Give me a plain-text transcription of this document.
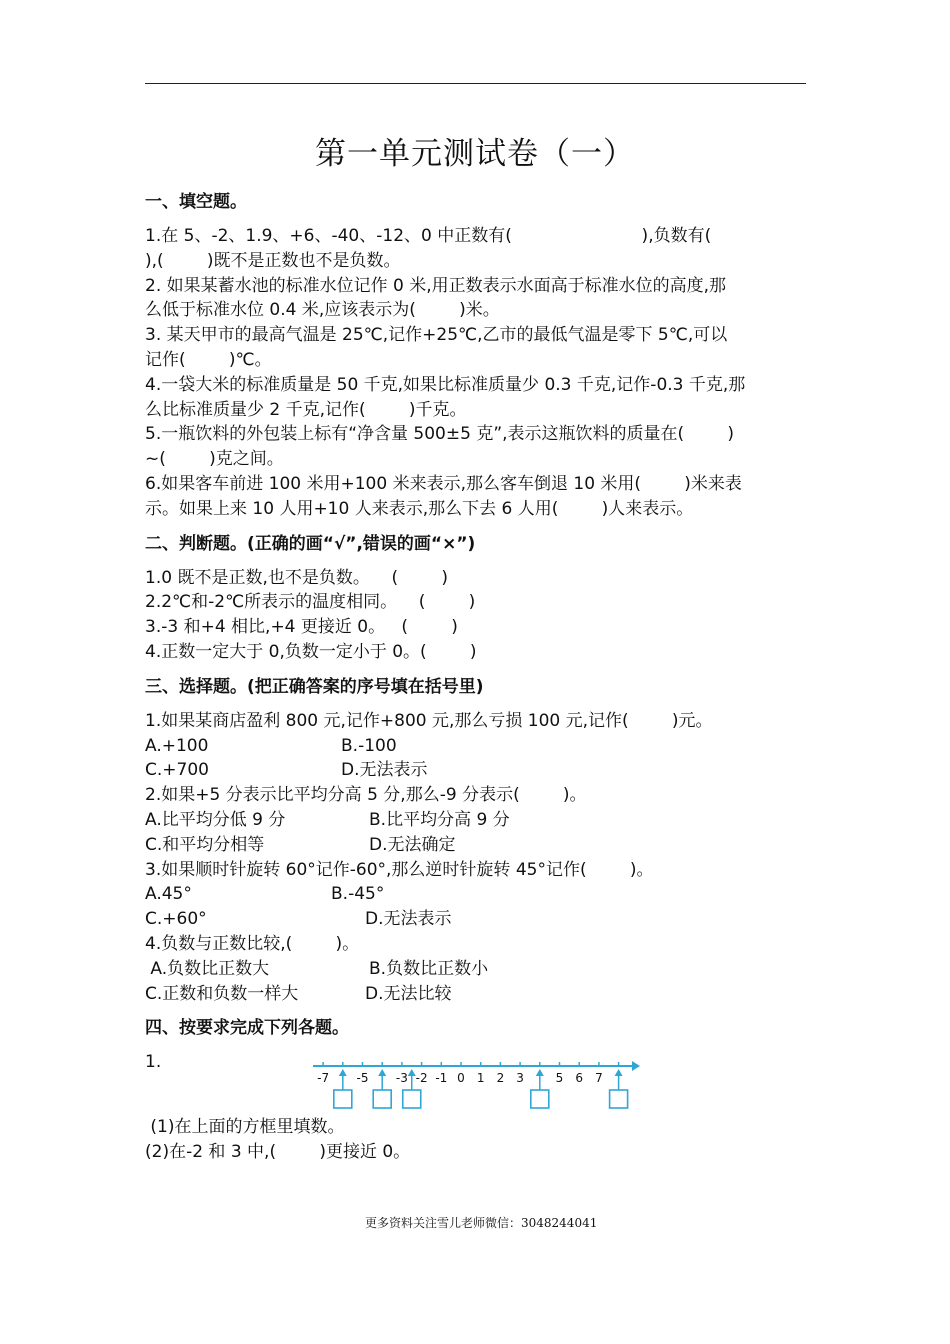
第一单元测试卷（一）
一、填空题。
1.在 5、-2、1.9、+6、-40、-12、0 中正数有(                        ),负数有(
),(        )既不是正数也不是负数。
2. 如果某蓄水池的标准水位记作 0 米,用正数表示水面高于标准水位的高度,那
么低于标准水位 0.4 米,应该表示为(        )米。
3. 某天甲市的最高气温是 25℃,记作+25℃,乙市的最低气温是零下 5℃,可以
记作(        )℃。
4.一袋大米的标准质量是 50 千克,如果比标准质量少 0.3 千克,记作-0.3 千克,那
么比标准质量少 2 千克,记作(        )千克。
5.一瓶饮料的外包装上标有“净含量 500±5 克”,表示这瓶饮料的质量在(        )
~(        )克之间。
6.如果客车前进 100 米用+100 米来表示,那么客车倒退 10 米用(        )米来表
示。如果上来 10 人用+10 人来表示,那么下去 6 人用(        )人来表示。
二、判断题。(正确的画“√”,错误的画“×”)
1.0 既不是正数,也不是负数。    (        )
2.2℃和-2℃所表示的温度相同。    (        )
3.-3 和+4 相比,+4 更接近 0。   (        )
4.正数一定大于 0,负数一定小于 0。(        )
三、选择题。(把正确答案的序号填在括号里)
1.如果某商店盈利 800 元,记作+800 元,那么亏损 100 元,记作(        )元。
A.+100	B.-100
C.+700	D.无法表示
2.如果+5 分表示比平均分高 5 分,那么-9 分表示(        )。
A.比平均分低 9 分	B.比平均分高 9 分
C.和平均分相等	D.无法确定
3.如果顺时针旋转 60°记作-60°,那么逆时针旋转 45°记作(        )。
A.45°	B.-45°
C.+60°	D.无法表示
4.负数与正数比较,(        )。
A.负数比正数大	B.负数比正数小
C.正数和负数一样大	D.无法比较
四、按要求完成下列各题。
1.
-7 -5 -3 -2 -1 0 1 2 3	5 6 7
(1)在上面的方框里填数。
(2)在-2 和 3 中,(        )更接近 0。
更多资料关注雪儿老师微信：3048244041
